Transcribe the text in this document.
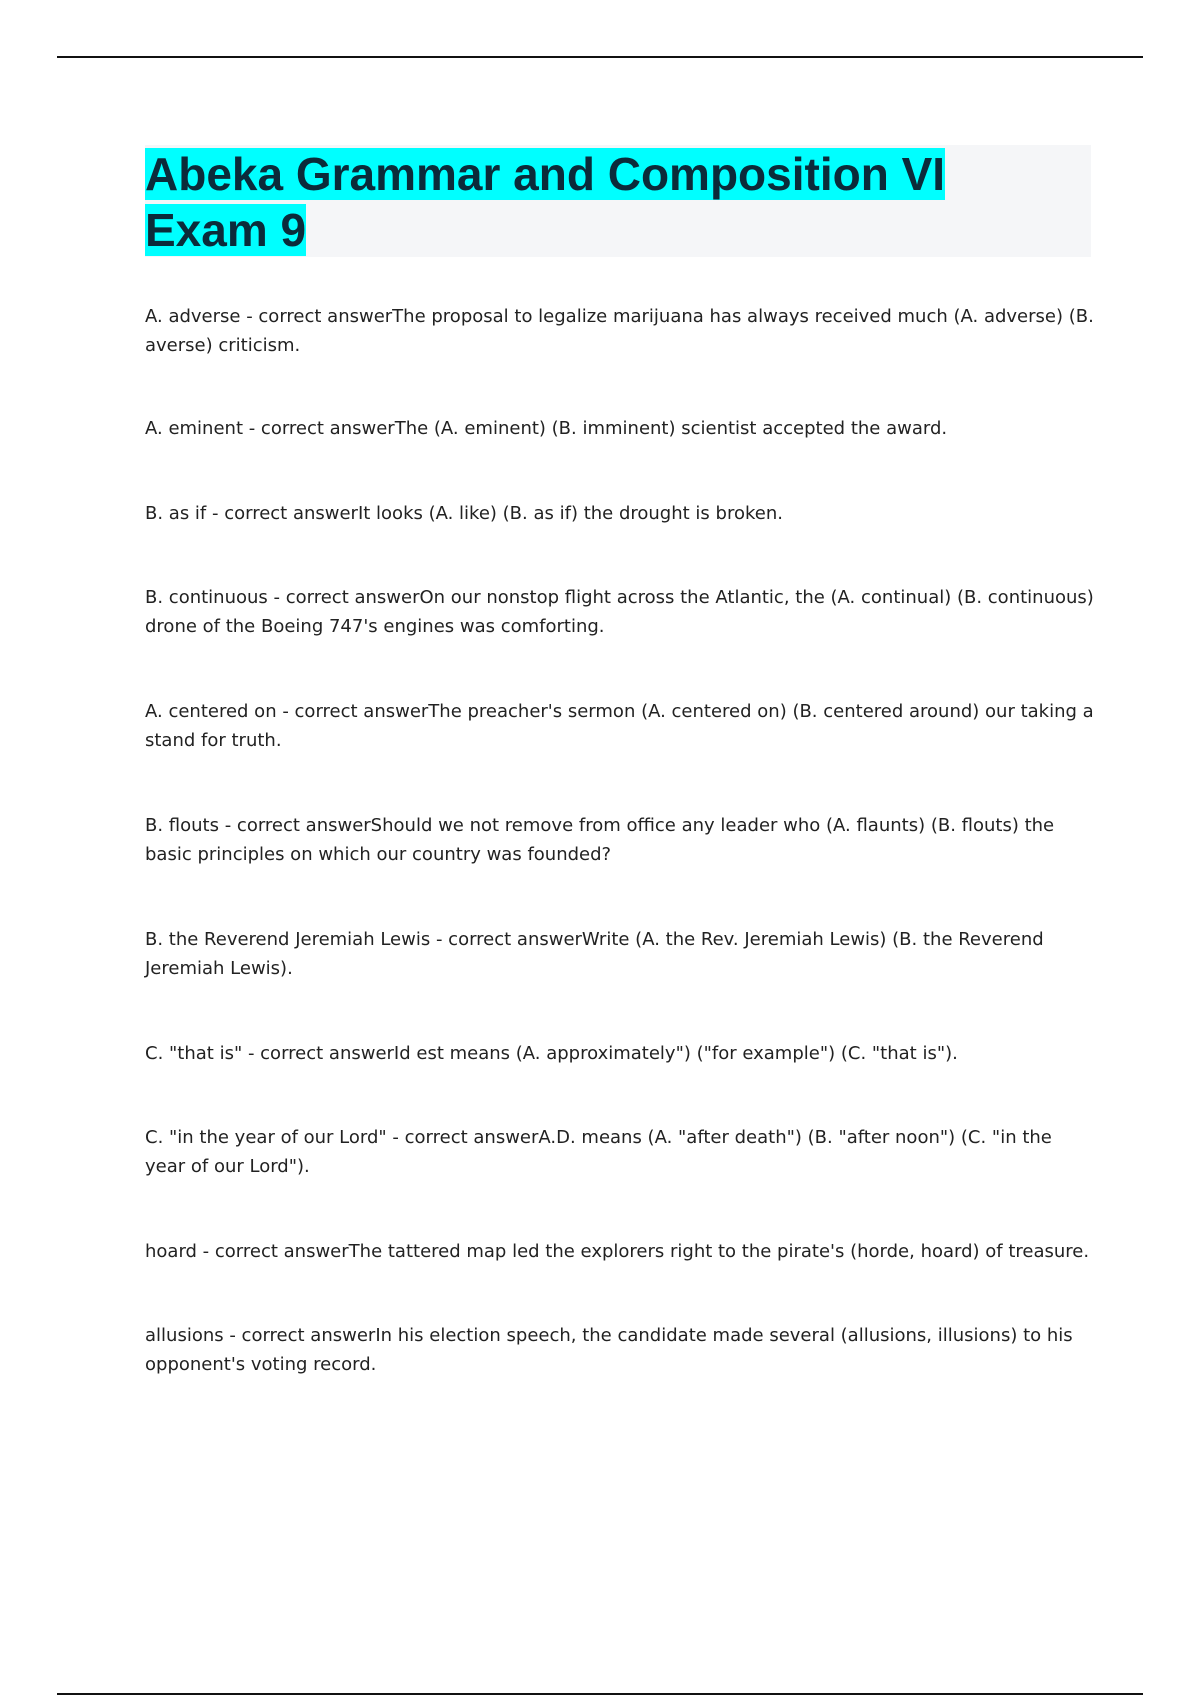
Abeka Grammar and Composition VI
Exam 9

A. adverse - correct answerThe proposal to legalize marijuana has always received much (A. adverse) (B. averse) criticism.

A. eminent - correct answerThe (A. eminent) (B. imminent) scientist accepted the award.

B. as if - correct answerIt looks (A. like) (B. as if) the drought is broken.

B. continuous - correct answerOn our nonstop flight across the Atlantic, the (A. continual) (B. continuous) drone of the Boeing 747's engines was comforting.

A. centered on - correct answerThe preacher's sermon (A. centered on) (B. centered around) our taking a stand for truth.

B. flouts - correct answerShould we not remove from office any leader who (A. flaunts) (B. flouts) the basic principles on which our country was founded?

B. the Reverend Jeremiah Lewis - correct answerWrite (A. the Rev. Jeremiah Lewis) (B. the Reverend Jeremiah Lewis).

C. "that is" - correct answerId est means (A. approximately") ("for example") (C. "that is").

C. "in the year of our Lord" - correct answerA.D. means (A. "after death") (B. "after noon") (C. "in the year of our Lord").

hoard - correct answerThe tattered map led the explorers right to the pirate's (horde, hoard) of treasure.

allusions - correct answerIn his election speech, the candidate made several (allusions, illusions) to his opponent's voting record.
